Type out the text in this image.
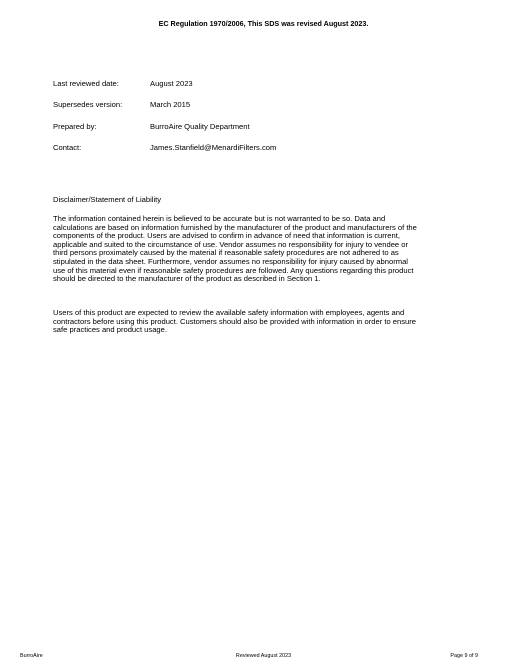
EC Regulation 1970/2006, This SDS was revised August 2023.
Last reviewed date:	August 2023
Supersedes version:	March 2015
Prepared by:	BurroAire Quality Department
Contact:	James.Stanfield@MenardiFilters.com
Disclaimer/Statement of Liability
The information contained herein is believed to be accurate but is not warranted to be so. Data and
calculations are based on information furnished by the manufacturer of the product and manufacturers of the
components of the product. Users are advised to confirm in advance of need that information is current,
applicable and suited to the circumstance of use. Vendor assumes no responsibility for injury to vendee or
third persons proximately caused by the material if reasonable safety procedures are not adhered to as
stipulated in the data sheet. Furthermore, vendor assumes no responsibility for injury caused by abnormal
use of this material even if reasonable safety procedures are followed. Any questions regarding this product
should be directed to the manufacturer of the product as described in Section 1.
Users of this product are expected to review the available safety information with employees, agents and
contractors before using this product. Customers should also be provided with information in order to ensure
safe practices and product usage.
BurroAire	Reviewed August 2023	Page 9 of 9
